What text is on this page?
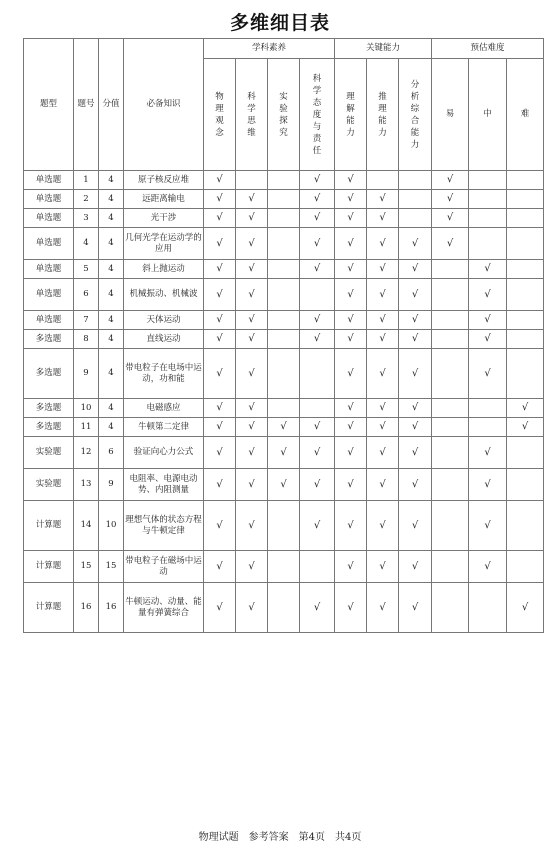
多维细目表
题型	题号	分值	必备知识	学科素养				关键能力			预估难度		
				物理观念	科学思维	实验探究	科学态度与责任	理解能力	推理能力	分析综合能力	易	中	难
单选题	1	4	原子核反应堆	√			√	√			√		
单选题	2	4	远距离输电	√	√		√	√	√		√		
单选题	3	4	光干涉	√	√		√	√	√		√		
单选题	4	4	几何光学在运动学的应用	√	√		√	√	√	√	√		
单选题	5	4	斜上抛运动	√	√		√	√	√	√		√	
单选题	6	4	机械振动、机械波	√	√			√	√	√		√	
单选题	7	4	天体运动	√	√		√	√	√	√		√	
多选题	8	4	直线运动	√	√		√	√	√	√		√	
多选题	9	4	带电粒子在电场中运动，功和能	√	√			√	√	√		√	
多选题	10	4	电磁感应	√	√			√	√	√			√
多选题	11	4	牛顿第二定律	√	√	√	√	√	√	√			√
实验题	12	6	验证向心力公式	√	√	√	√	√	√	√		√	
实验题	13	9	电阻率、电源电动势、内阻测量	√	√	√	√	√	√	√		√	
计算题	14	10	理想气体的状态方程与牛顿定律	√	√		√	√	√	√		√	
计算题	15	15	带电粒子在磁场中运动	√	√			√	√	√		√	
计算题	16	16	牛顿运动、动量、能量有弹簧综合	√	√		√	√	√	√			√
物理试题　参考答案　第4页　共4页
